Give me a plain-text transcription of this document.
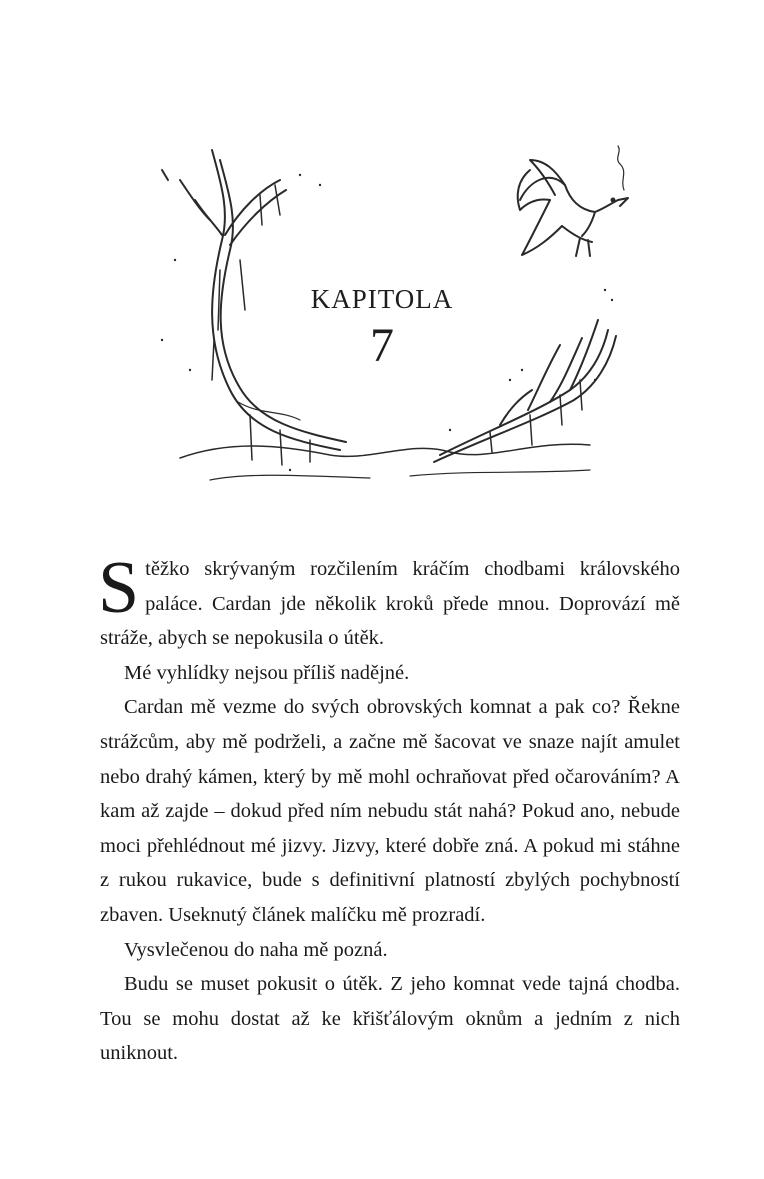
KAPITOLA
7

S těžko skrývaným rozčilením kráčím chodbami královského paláce. Cardan jde několik kroků přede mnou. Doprovází mě stráže, abych se nepokusila o útěk.

Mé vyhlídky nejsou příliš nadějné.

Cardan mě vezme do svých obrovských komnat a pak co? Řekne strážcům, aby mě podrželi, a začne mě šacovat ve snaze najít amulet nebo drahý kámen, který by mě mohl ochraňovat před očarováním? A kam až zajde – dokud před ním nebudu stát nahá? Pokud ano, nebude moci přehlédnout mé jizvy. Jizvy, které dobře zná. A pokud mi stáhne z rukou rukavice, bude s definitivní platností zbylých pochybností zbaven. Useknutý článek malíčku mě prozradí.

Vysvlečenou do naha mě pozná.

Budu se muset pokusit o útěk. Z jeho komnat vede tajná chodba. Tou se mohu dostat až ke křišťálovým oknům a jedním z nich uniknout.
